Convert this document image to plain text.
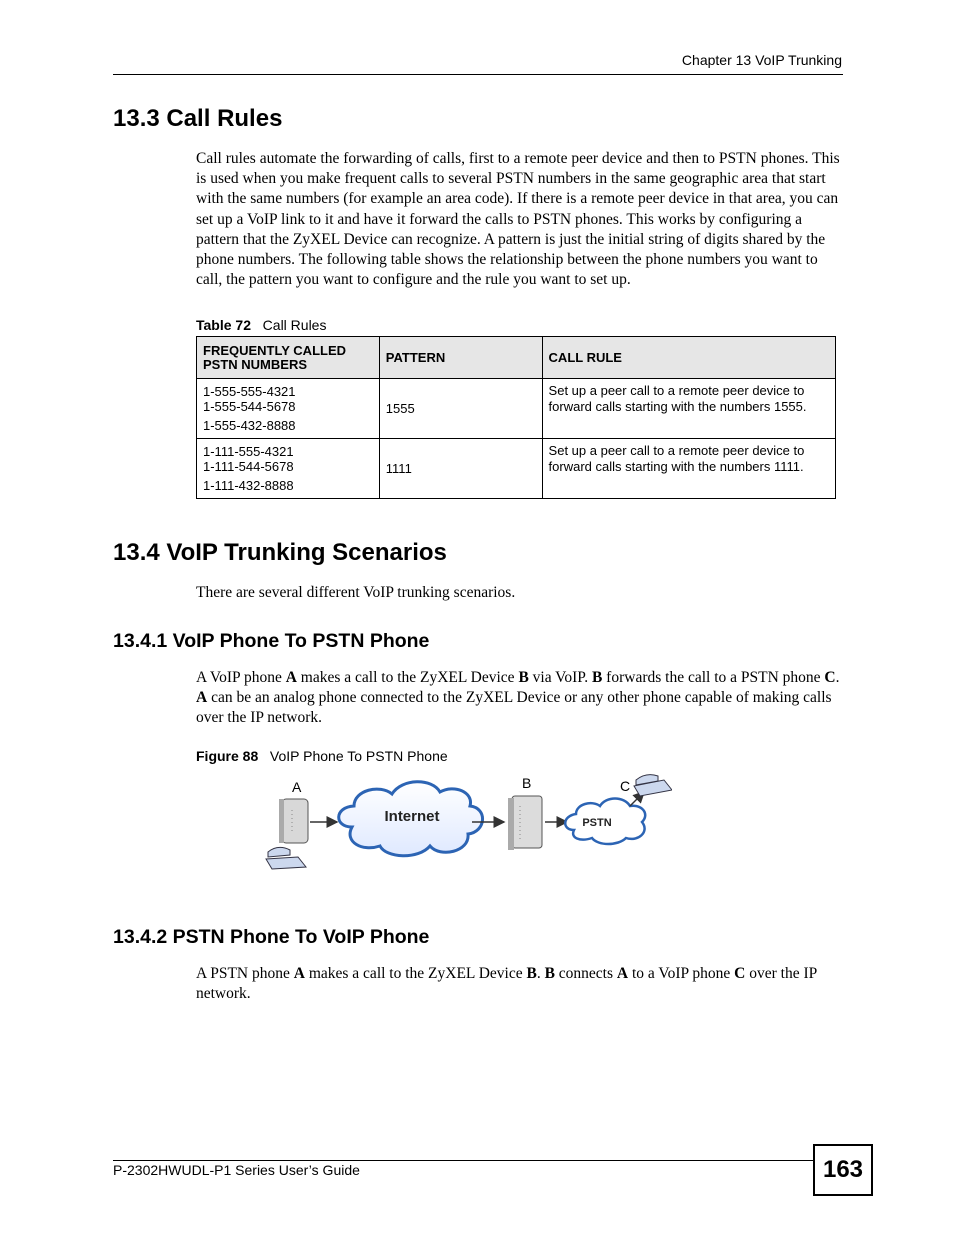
Chapter 13 VoIP Trunking
13.3 Call Rules

Call rules automate the forwarding of calls, first to a remote peer device and then to PSTN phones. This is used when you make frequent calls to several PSTN numbers in the same geographic area that start with the same numbers (for example an area code). If there is a remote peer device in that area, you can set up a VoIP link to it and have it forward the calls to PSTN phones. This works by configuring a pattern that the ZyXEL Device can recognize. A pattern is just the initial string of digits shared by the phone numbers. The following table shows the relationship between the phone numbers you want to call, the pattern you want to configure and the rule you want to set up.

Table 72 Call Rules
FREQUENTLY CALLED PSTN NUMBERS	PATTERN	CALL RULE

1-555-555-4321
1-555-544-5678
1-555-432-8888	1555	Set up a peer call to a remote peer device to forward calls starting with the numbers 1555.

1-111-555-4321
1-111-544-5678
1-111-432-8888	1111	Set up a peer call to a remote peer device to forward calls starting with the numbers 1111.
13.4 VoIP Trunking Scenarios

There are several different VoIP trunking scenarios.

13.4.1 VoIP Phone To PSTN Phone

A VoIP phone A makes a call to the ZyXEL Device B via VoIP. B forwards the call to a PSTN phone C. A can be an analog phone connected to the ZyXEL Device or any other phone capable of making calls over the IP network.

Figure 88 VoIP Phone To PSTN Phone
A
Internet
B
PSTN
C
13.4.2 PSTN Phone To VoIP Phone

A PSTN phone A makes a call to the ZyXEL Device B. B connects A to a VoIP phone C over the IP network.

P-2302HWUDL-P1 Series User’s Guide	163
